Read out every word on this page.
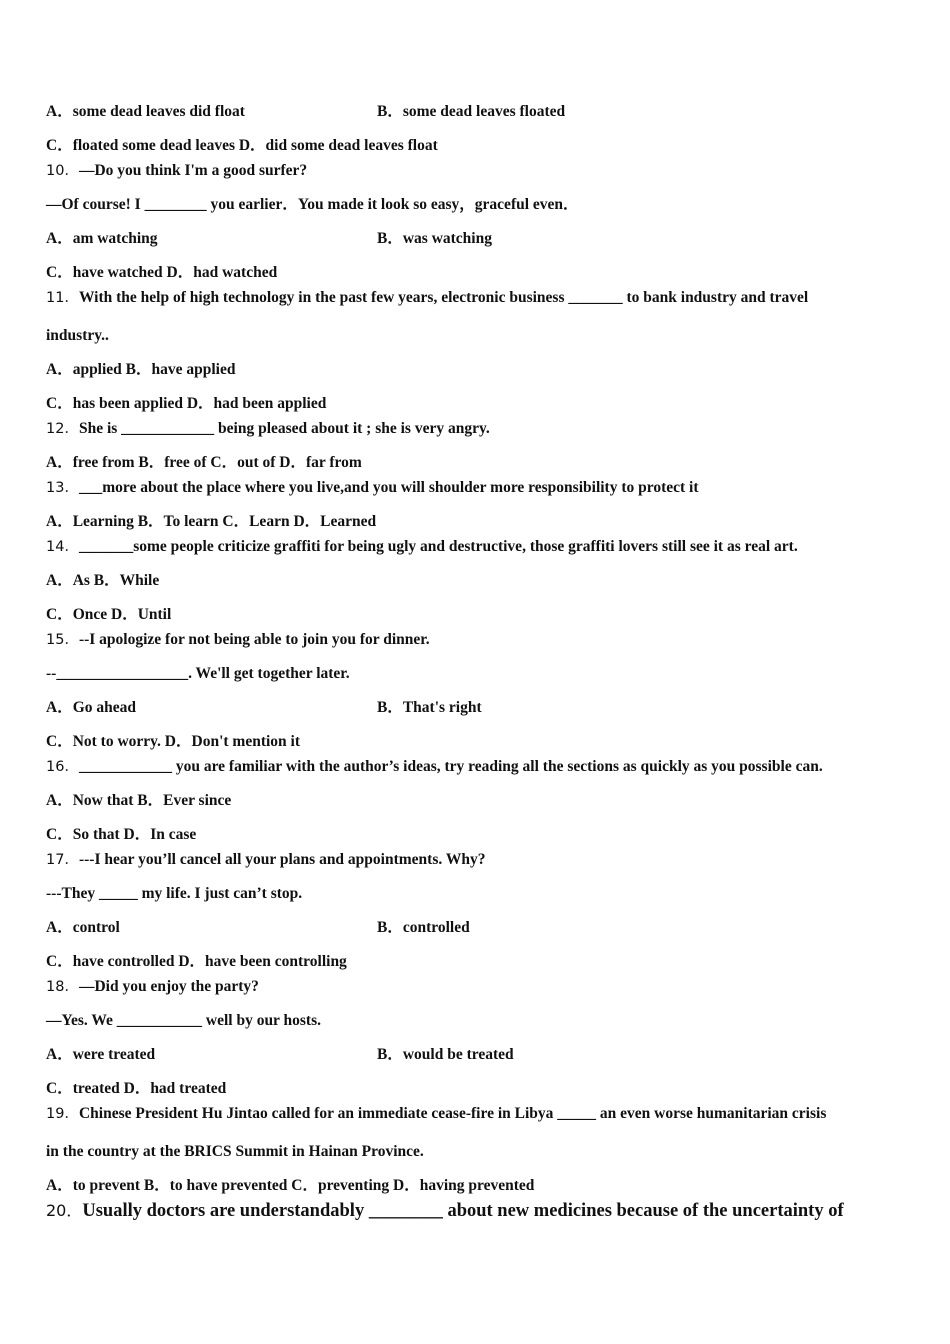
A．some dead leaves did float	B．some dead leaves floated
C．floated some dead leaves D．did some dead leaves float
10．—Do you think I'm a good surfer?
—Of course! I ________ you earlier．You made it look so easy，graceful even．
A．am watching	B．was watching
C．have watched D．had watched
11．With the help of high technology in the past few years, electronic business _______ to bank industry and travel
industry..
A．applied B．have applied
C．has been applied D．had been applied
12．She is ____________ being pleased about it ; she is very angry.
A．free from B．free of C．out of D．far from
13．___more about the place where you live,and you will shoulder more responsibility to protect it
A．Learning B．To learn C．Learn D．Learned
14．_______some people criticize graffiti for being ugly and destructive, those graffiti lovers still see it as real art.
A．As B．While
C．Once D．Until
15．--I apologize for not being able to join you for dinner.
--_________________. We'll get together later.
A．Go ahead	B．That's right
C．Not to worry. D．Don't mention it
16．____________ you are familiar with the author’s ideas, try reading all the sections as quickly as you possible can.
A．Now that B．Ever since
C．So that D．In case
17．---I hear you’ll cancel all your plans and appointments. Why?
---They _____ my life. I just can’t stop.
A．control	B．controlled
C．have controlled D．have been controlling
18．—Did you enjoy the party?
—Yes. We ___________ well by our hosts.
A．were treated	B．would be treated
C．treated D．had treated
19．Chinese President Hu Jintao called for an immediate cease-fire in Libya _____ an even worse humanitarian crisis
in the country at the BRICS Summit in Hainan Province.
A．to prevent B．to have prevented C．preventing D．having prevented
20．Usually doctors are understandably ________ about new medicines because of the uncertainty of
